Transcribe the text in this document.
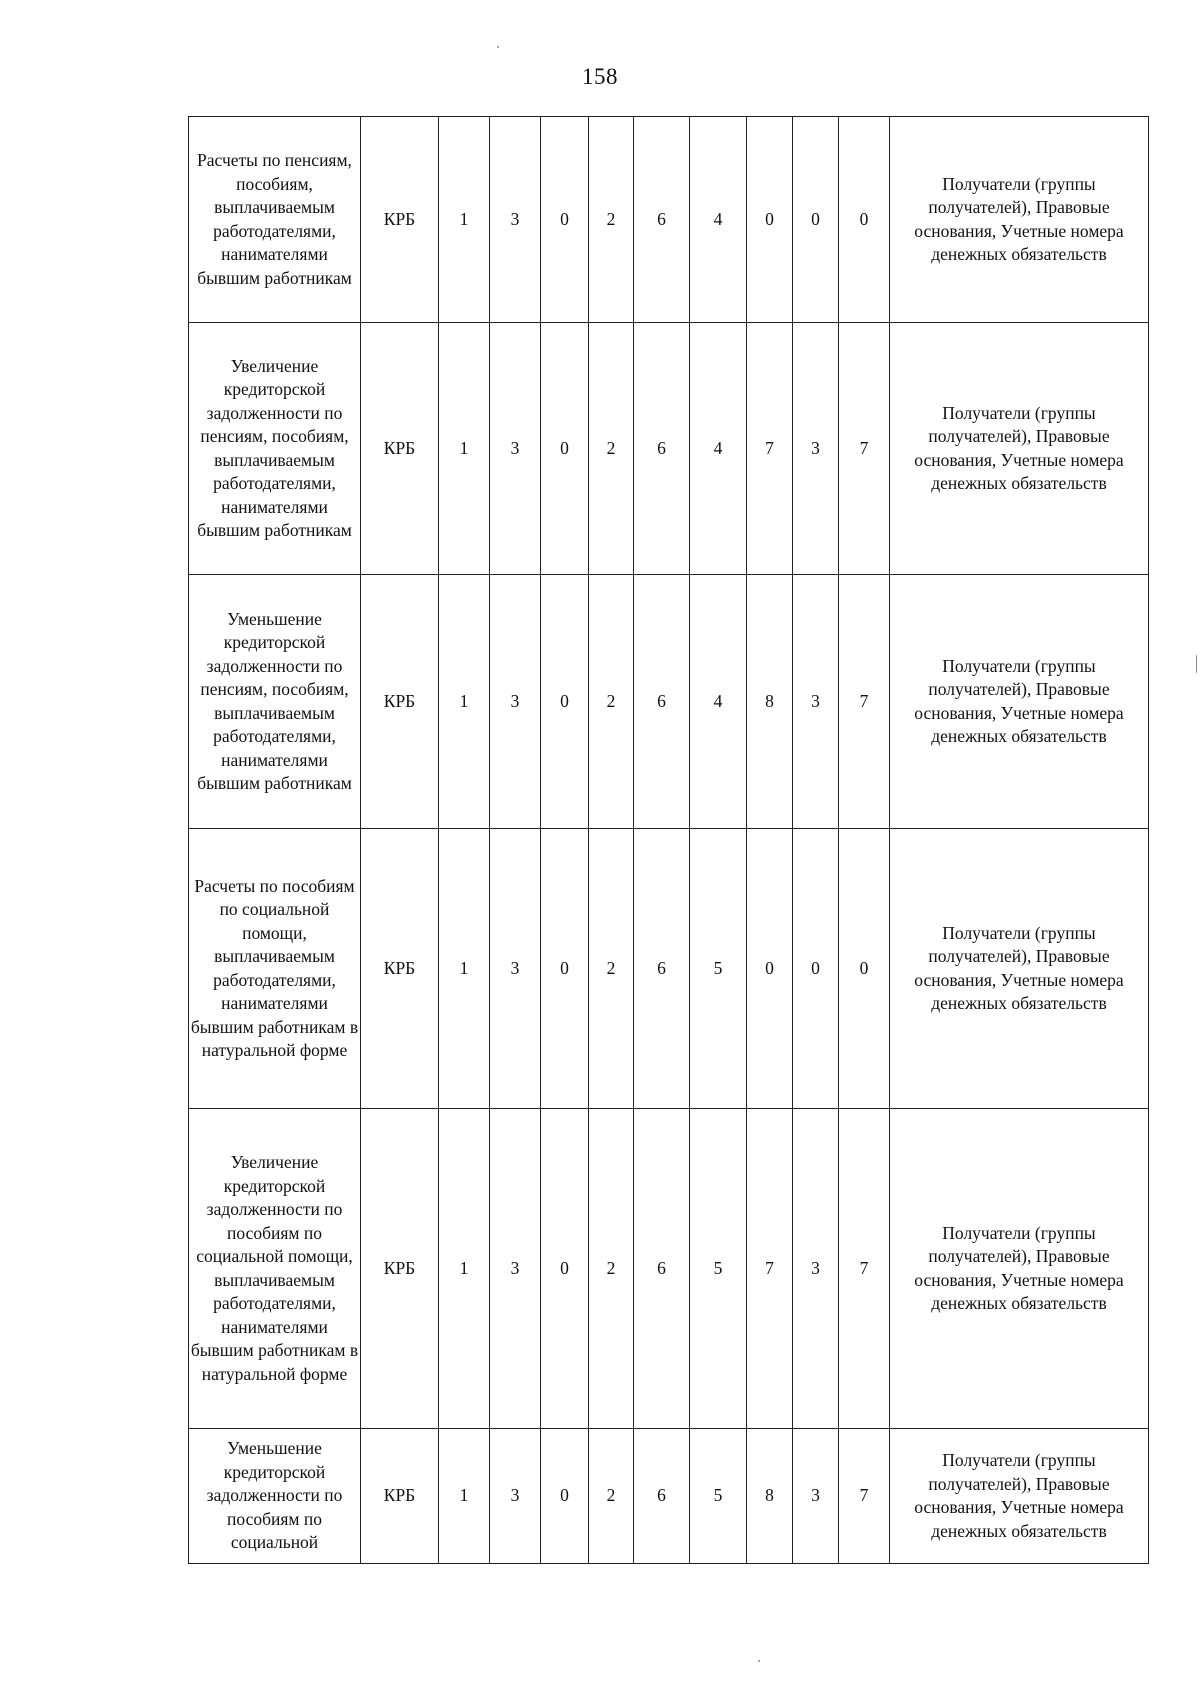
158
Расчеты по пенсиям, пособиям, выплачиваемым работодателями, нанимателями бывшим работникам	КРБ	1	3	0	2	6	4	0	0	0	Получатели (группы получателей), Правовые основания, Учетные номера денежных обязательств
Увеличение кредиторской задолженности по пенсиям, пособиям, выплачиваемым работодателями, нанимателями бывшим работникам	КРБ	1	3	0	2	6	4	7	3	7	Получатели (группы получателей), Правовые основания, Учетные номера денежных обязательств
Уменьшение кредиторской задолженности по пенсиям, пособиям, выплачиваемым работодателями, нанимателями бывшим работникам	КРБ	1	3	0	2	6	4	8	3	7	Получатели (группы получателей), Правовые основания, Учетные номера денежных обязательств
Расчеты по пособиям по социальной помощи, выплачиваемым работодателями, нанимателями бывшим работникам в натуральной форме	КРБ	1	3	0	2	6	5	0	0	0	Получатели (группы получателей), Правовые основания, Учетные номера денежных обязательств
Увеличение кредиторской задолженности по пособиям по социальной помощи, выплачиваемым работодателями, нанимателями бывшим работникам в натуральной форме	КРБ	1	3	0	2	6	5	7	3	7	Получатели (группы получателей), Правовые основания, Учетные номера денежных обязательств
Уменьшение кредиторской задолженности по пособиям по социальной	КРБ	1	3	0	2	6	5	8	3	7	Получатели (группы получателей), Правовые основания, Учетные номера денежных обязательств
